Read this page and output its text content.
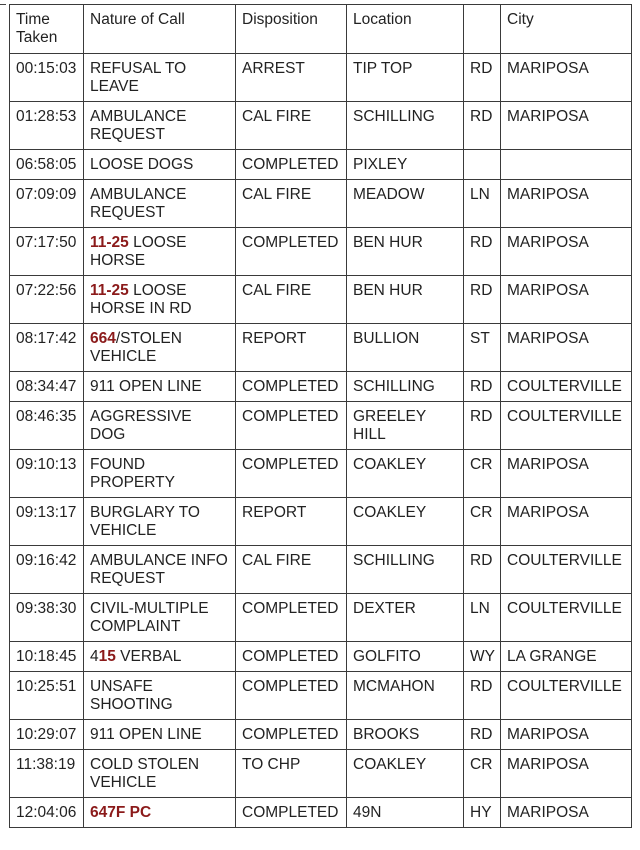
Time Taken	Nature of Call	Disposition	Location		City
00:15:03	REFUSAL TO LEAVE	ARREST	TIP TOP	RD	MARIPOSA
01:28:53	AMBULANCE REQUEST	CAL FIRE	SCHILLING	RD	MARIPOSA
06:58:05	LOOSE DOGS	COMPLETED	PIXLEY		
07:09:09	AMBULANCE REQUEST	CAL FIRE	MEADOW	LN	MARIPOSA
07:17:50	11-25 LOOSE HORSE	COMPLETED	BEN HUR	RD	MARIPOSA
07:22:56	11-25 LOOSE HORSE IN RD	CAL FIRE	BEN HUR	RD	MARIPOSA
08:17:42	664/STOLEN VEHICLE	REPORT	BULLION	ST	MARIPOSA
08:34:47	911 OPEN LINE	COMPLETED	SCHILLING	RD	COULTERVILLE
08:46:35	AGGRESSIVE DOG	COMPLETED	GREELEY HILL	RD	COULTERVILLE
09:10:13	FOUND PROPERTY	COMPLETED	COAKLEY	CR	MARIPOSA
09:13:17	BURGLARY TO VEHICLE	REPORT	COAKLEY	CR	MARIPOSA
09:16:42	AMBULANCE INFO REQUEST	CAL FIRE	SCHILLING	RD	COULTERVILLE
09:38:30	CIVIL-MULTIPLE COMPLAINT	COMPLETED	DEXTER	LN	COULTERVILLE
10:18:45	415 VERBAL	COMPLETED	GOLFITO	WY	LA GRANGE
10:25:51	UNSAFE SHOOTING	COMPLETED	MCMAHON	RD	COULTERVILLE
10:29:07	911 OPEN LINE	COMPLETED	BROOKS	RD	MARIPOSA
11:38:19	COLD STOLEN VEHICLE	TO CHP	COAKLEY	CR	MARIPOSA
12:04:06	647F PC	COMPLETED	49N	HY	MARIPOSA
